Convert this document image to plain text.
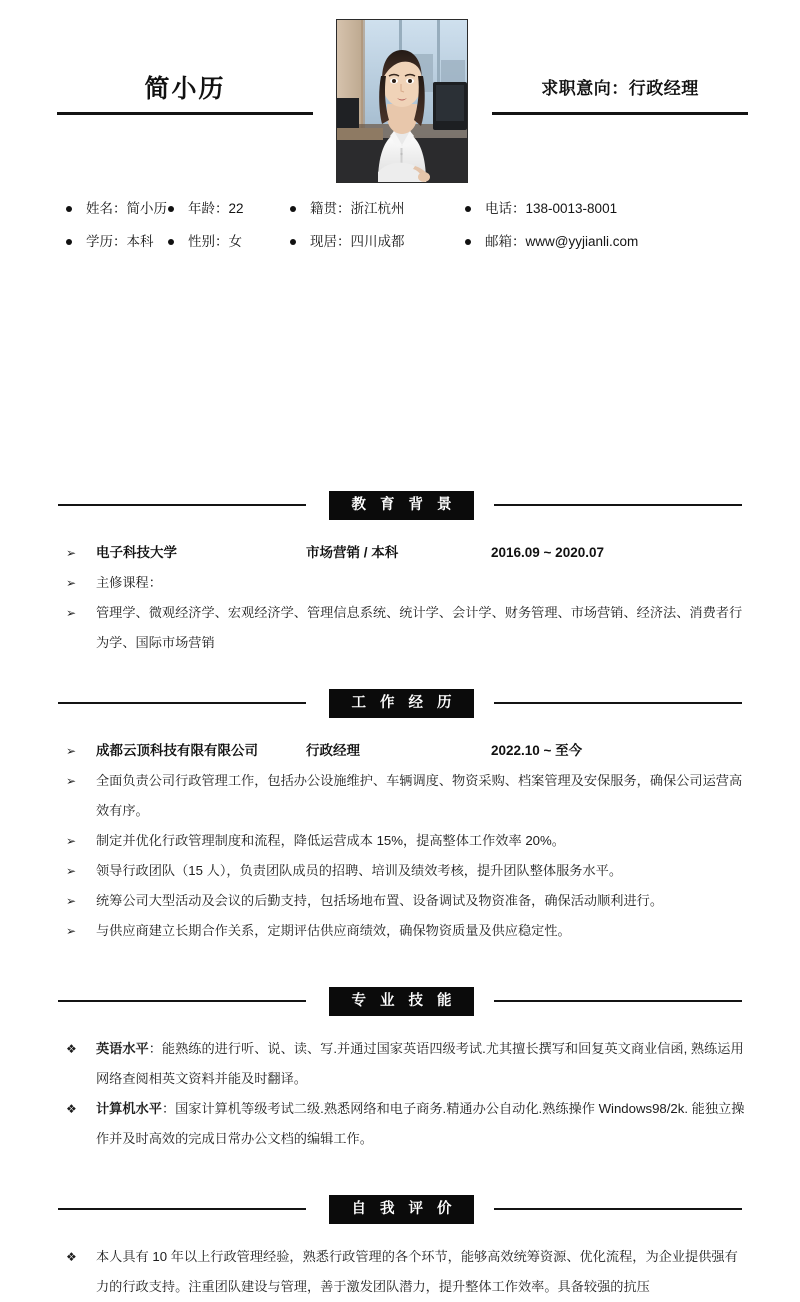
简小历	求职意向：行政经理
姓名：简小历 年龄：22	籍贯：浙江杭州	电话：138-0013-8001
学历：本科	性别：女	现居：四川成都	邮箱：www@yyjianli.com
教 育 背 景
➢	电子科技大学	市场营销 / 本科	2016.09 ~ 2020.07
➢	主修课程：
➢	管理学、微观经济学、宏观经济学、管理信息系统、统计学、会计学、财务管理、市场营销、经济法、消费者行为学、国际市场营销
工 作 经 历
➢	成都云顶科技有限有限公司	行政经理	2022.10 ~ 至今
➢	全面负责公司行政管理工作，包括办公设施维护、车辆调度、物资采购、档案管理及安保服务，确保公司运营高效有序。
➢	制定并优化行政管理制度和流程，降低运营成本 15%，提高整体工作效率 20%。
➢	领导行政团队（15 人），负责团队成员的招聘、培训及绩效考核，提升团队整体服务水平。
➢	统筹公司大型活动及会议的后勤支持，包括场地布置、设备调试及物资准备，确保活动顺利进行。
➢	与供应商建立长期合作关系，定期评估供应商绩效，确保物资质量及供应稳定性。
专 业 技 能
❖	英语水平：能熟练的进行听、说、读、写.并通过国家英语四级考试.尤其擅长撰写和回复英文商业信函, 熟练运用网络查阅相英文资料并能及时翻译。
❖	计算机水平：国家计算机等级考试二级.熟悉网络和电子商务.精通办公自动化.熟练操作 Windows98/2k. 能独立操作并及时高效的完成日常办公文档的编辑工作。
自 我 评 价
❖	本人具有 10 年以上行政管理经验，熟悉行政管理的各个环节，能够高效统筹资源、优化流程，为企业提供强有力的行政支持。注重团队建设与管理，善于激发团队潜力，提升整体工作效率。具备较强的抗压
